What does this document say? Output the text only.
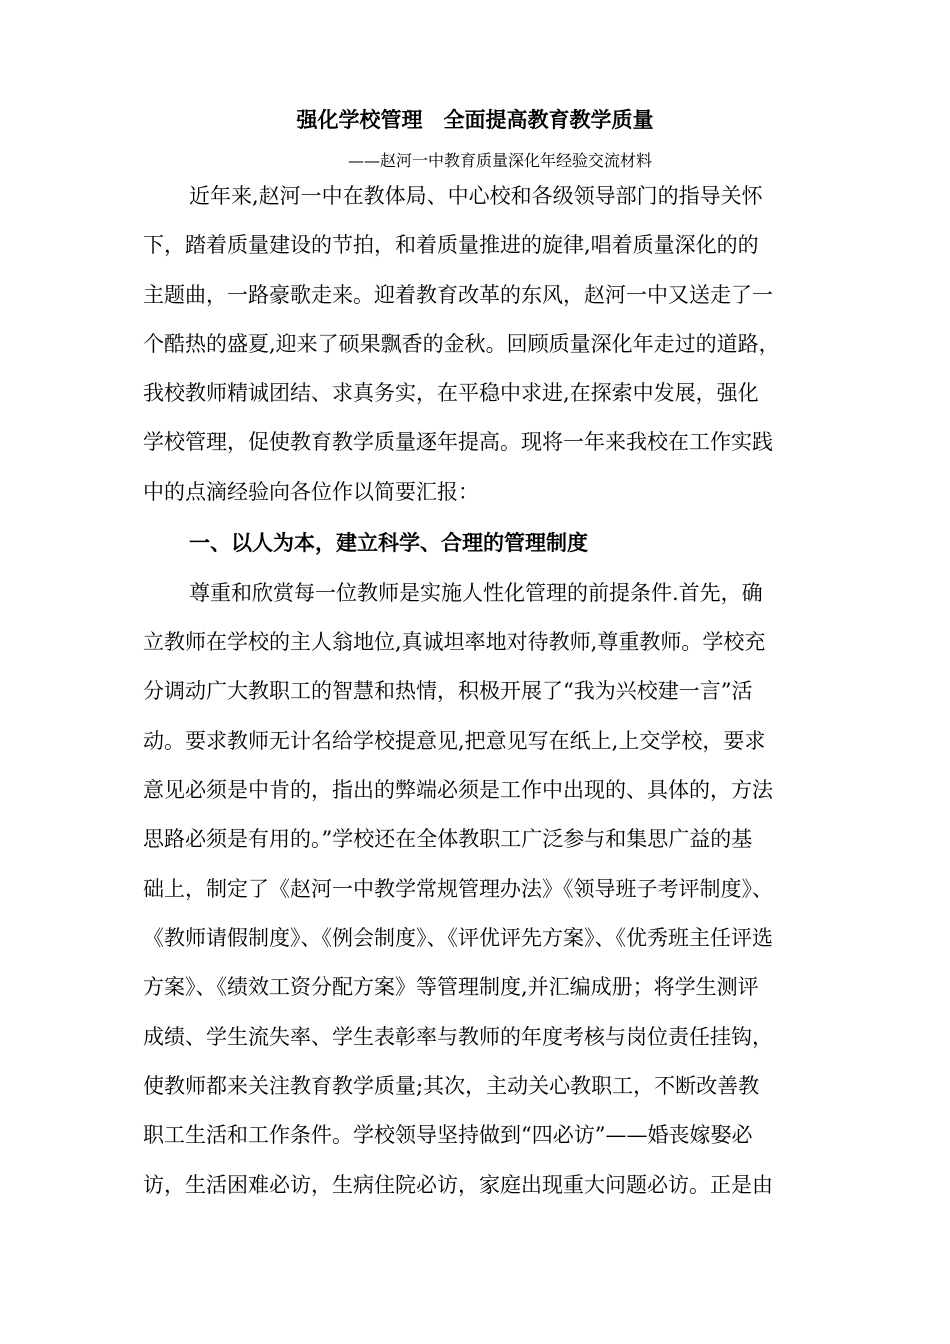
强化学校管理　全面提高教育教学质量
——赵河一中教育质量深化年经验交流材料
近年来,赵河一中在教体局、中心校和各级领导部门的指导关怀
下，踏着质量建设的节拍，和着质量推进的旋律,唱着质量深化的的
主题曲，一路豪歌走来。迎着教育改革的东风，赵河一中又送走了一
个酷热的盛夏,迎来了硕果飘香的金秋。回顾质量深化年走过的道路，
我校教师精诚团结、求真务实，在平稳中求进,在探索中发展，强化
学校管理，促使教育教学质量逐年提高。现将一年来我校在工作实践
中的点滴经验向各位作以简要汇报：
一、以人为本，建立科学、合理的管理制度
尊重和欣赏每一位教师是实施人性化管理的前提条件.首先，确
立教师在学校的主人翁地位,真诚坦率地对待教师,尊重教师。学校充
分调动广大教职工的智慧和热情，积极开展了“我为兴校建一言”活
动。要求教师无计名给学校提意见,把意见写在纸上,上交学校，要求
意见必须是中肯的，指出的弊端必须是工作中出现的、具体的，方法
思路必须是有用的。”学校还在全体教职工广泛参与和集思广益的基
础上，制定了《赵河一中教学常规管理办法》《领导班子考评制度》、
《教师请假制度》、《例会制度》、《评优评先方案》、《优秀班主任评选
方案》、《绩效工资分配方案》等管理制度,并汇编成册；将学生测评
成绩、学生流失率、学生表彰率与教师的年度考核与岗位责任挂钩，
使教师都来关注教育教学质量;其次，主动关心教职工，不断改善教
职工生活和工作条件。学校领导坚持做到“四必访”——婚丧嫁娶必
访，生活困难必访，生病住院必访，家庭出现重大问题必访。正是由
